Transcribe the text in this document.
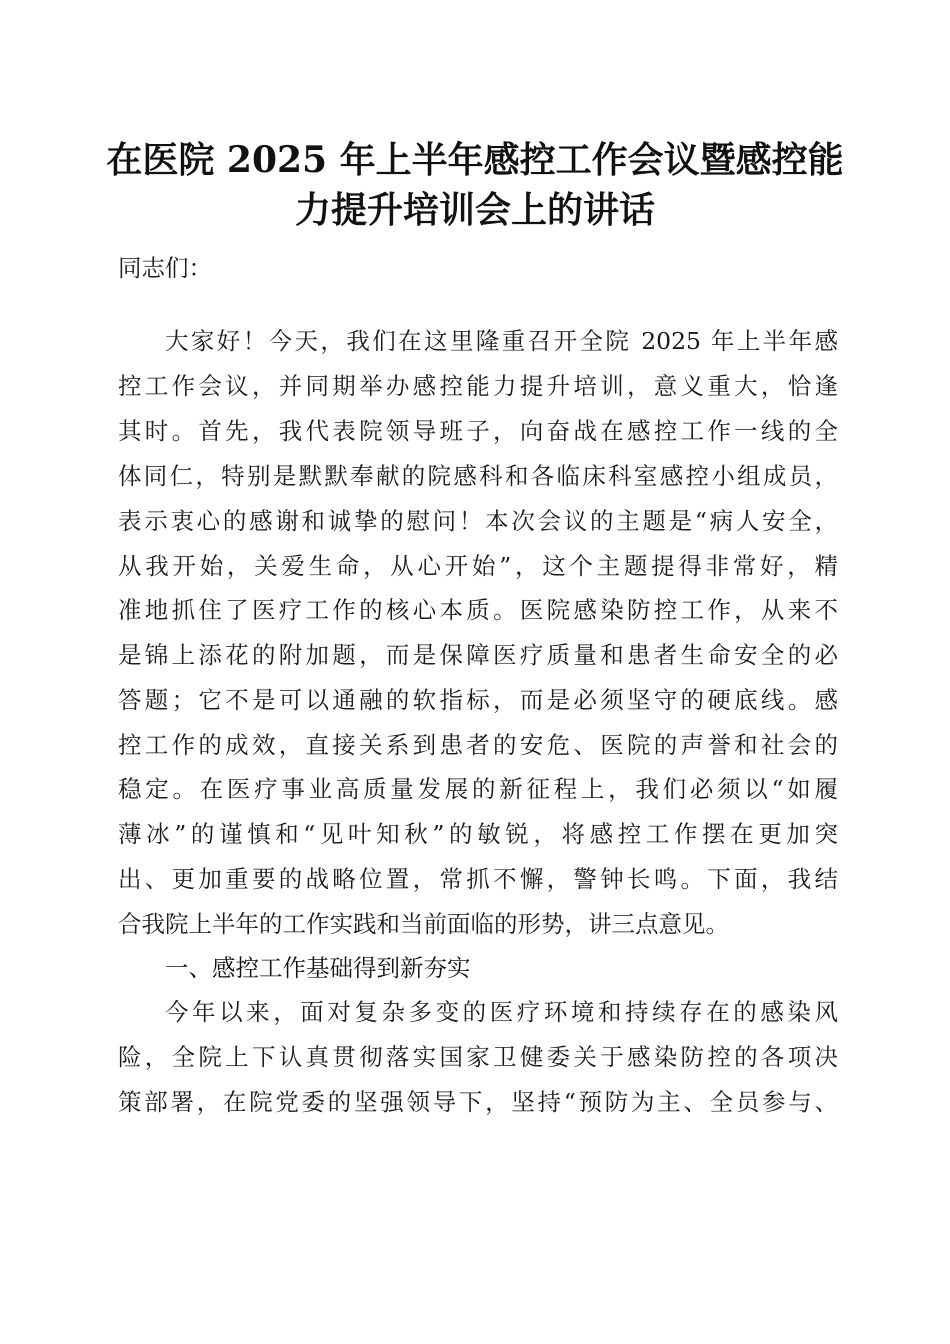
在医院 2025 年上半年感控工作会议暨感控能
力提升培训会上的讲话
同志们：
大家好！今天，我们在这里隆重召开全院 2025 年上半年感
控工作会议，并同期举办感控能力提升培训，意义重大，恰逢
其时。首先，我代表院领导班子，向奋战在感控工作一线的全
体同仁，特别是默默奉献的院感科和各临床科室感控小组成员，
表示衷心的感谢和诚挚的慰问！本次会议的主题是“病人安全，
从我开始，关爱生命，从心开始”，这个主题提得非常好，精
准地抓住了医疗工作的核心本质。医院感染防控工作，从来不
是锦上添花的附加题，而是保障医疗质量和患者生命安全的必
答题；它不是可以通融的软指标，而是必须坚守的硬底线。感
控工作的成效，直接关系到患者的安危、医院的声誉和社会的
稳定。在医疗事业高质量发展的新征程上，我们必须以“如履
薄冰”的谨慎和“见叶知秋”的敏锐，将感控工作摆在更加突
出、更加重要的战略位置，常抓不懈，警钟长鸣。下面，我结
合我院上半年的工作实践和当前面临的形势，讲三点意见。
一、感控工作基础得到新夯实
今年以来，面对复杂多变的医疗环境和持续存在的感染风
险，全院上下认真贯彻落实国家卫健委关于感染防控的各项决
策部署，在院党委的坚强领导下，坚持“预防为主、全员参与、
